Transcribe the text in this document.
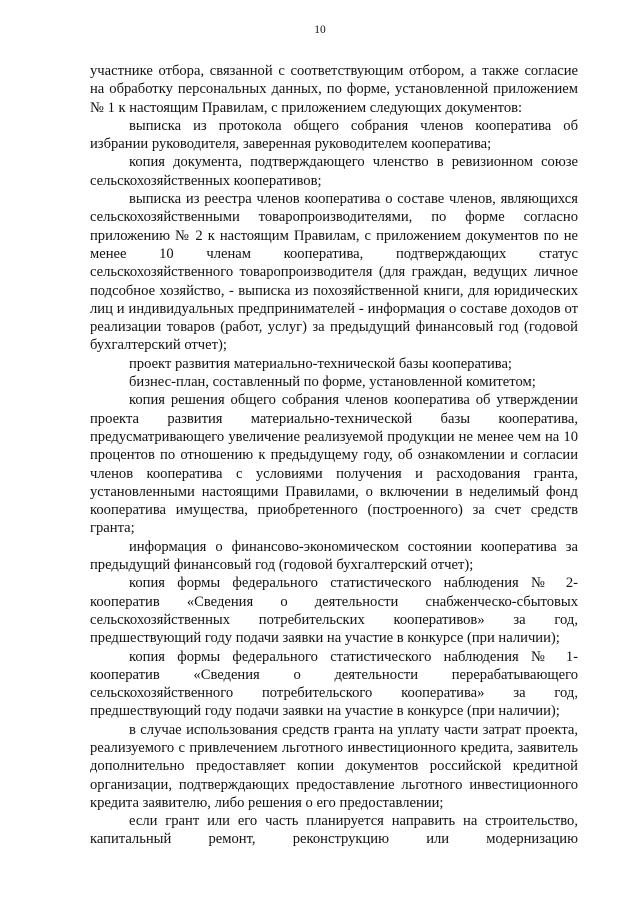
10

участнике отбора, связанной с соответствующим отбором, а также согласие на обработку персональных данных, по форме, установленной приложением № 1 к настоящим Правилам, с приложением следующих документов:

выписка из протокола общего собрания членов кооператива об избрании руководителя, заверенная руководителем кооператива;

копия документа, подтверждающего членство в ревизионном союзе сельскохозяйственных кооперативов;

выписка из реестра членов кооператива о составе членов, являющихся сельскохозяйственными товаропроизводителями, по форме согласно приложению № 2 к настоящим Правилам, с приложением документов по не менее 10 членам кооператива, подтверждающих статус сельскохозяйственного товаропроизводителя (для граждан, ведущих личное подсобное хозяйство, - выписка из похозяйственной книги, для юридических лиц и индивидуальных предпринимателей - информация о составе доходов от реализации товаров (работ, услуг) за предыдущий финансовый год (годовой бухгалтерский отчет);

проект развития материально-технической базы кооператива;

бизнес-план, составленный по форме, установленной комитетом;

копия решения общего собрания членов кооператива об утверждении проекта развития материально-технической базы кооператива, предусматривающего увеличение реализуемой продукции не менее чем на 10 процентов по отношению к предыдущему году, об ознакомлении и согласии членов кооператива с условиями получения и расходования гранта, установленными настоящими Правилами, о включении в неделимый фонд кооператива имущества, приобретенного (построенного) за счет средств гранта;

информация о финансово-экономическом состоянии кооператива за предыдущий финансовый год (годовой бухгалтерский отчет);

копия формы федерального статистического наблюдения № 2-кооператив «Сведения о деятельности снабженческо-сбытовых сельскохозяйственных потребительских кооперативов» за год, предшествующий году подачи заявки на участие в конкурсе (при наличии);

копия формы федерального статистического наблюдения № 1-кооператив «Сведения о деятельности перерабатывающего сельскохозяйственного потребительского кооператива» за год, предшествующий году подачи заявки на участие в конкурсе (при наличии);

в случае использования средств гранта на уплату части затрат проекта, реализуемого с привлечением льготного инвестиционного кредита, заявитель дополнительно предоставляет копии документов российской кредитной организации, подтверждающих предоставление льготного инвестиционного кредита заявителю, либо решения о его предоставлении;

если грант или его часть планируется направить на строительство, капитальный ремонт, реконструкцию или модернизацию
